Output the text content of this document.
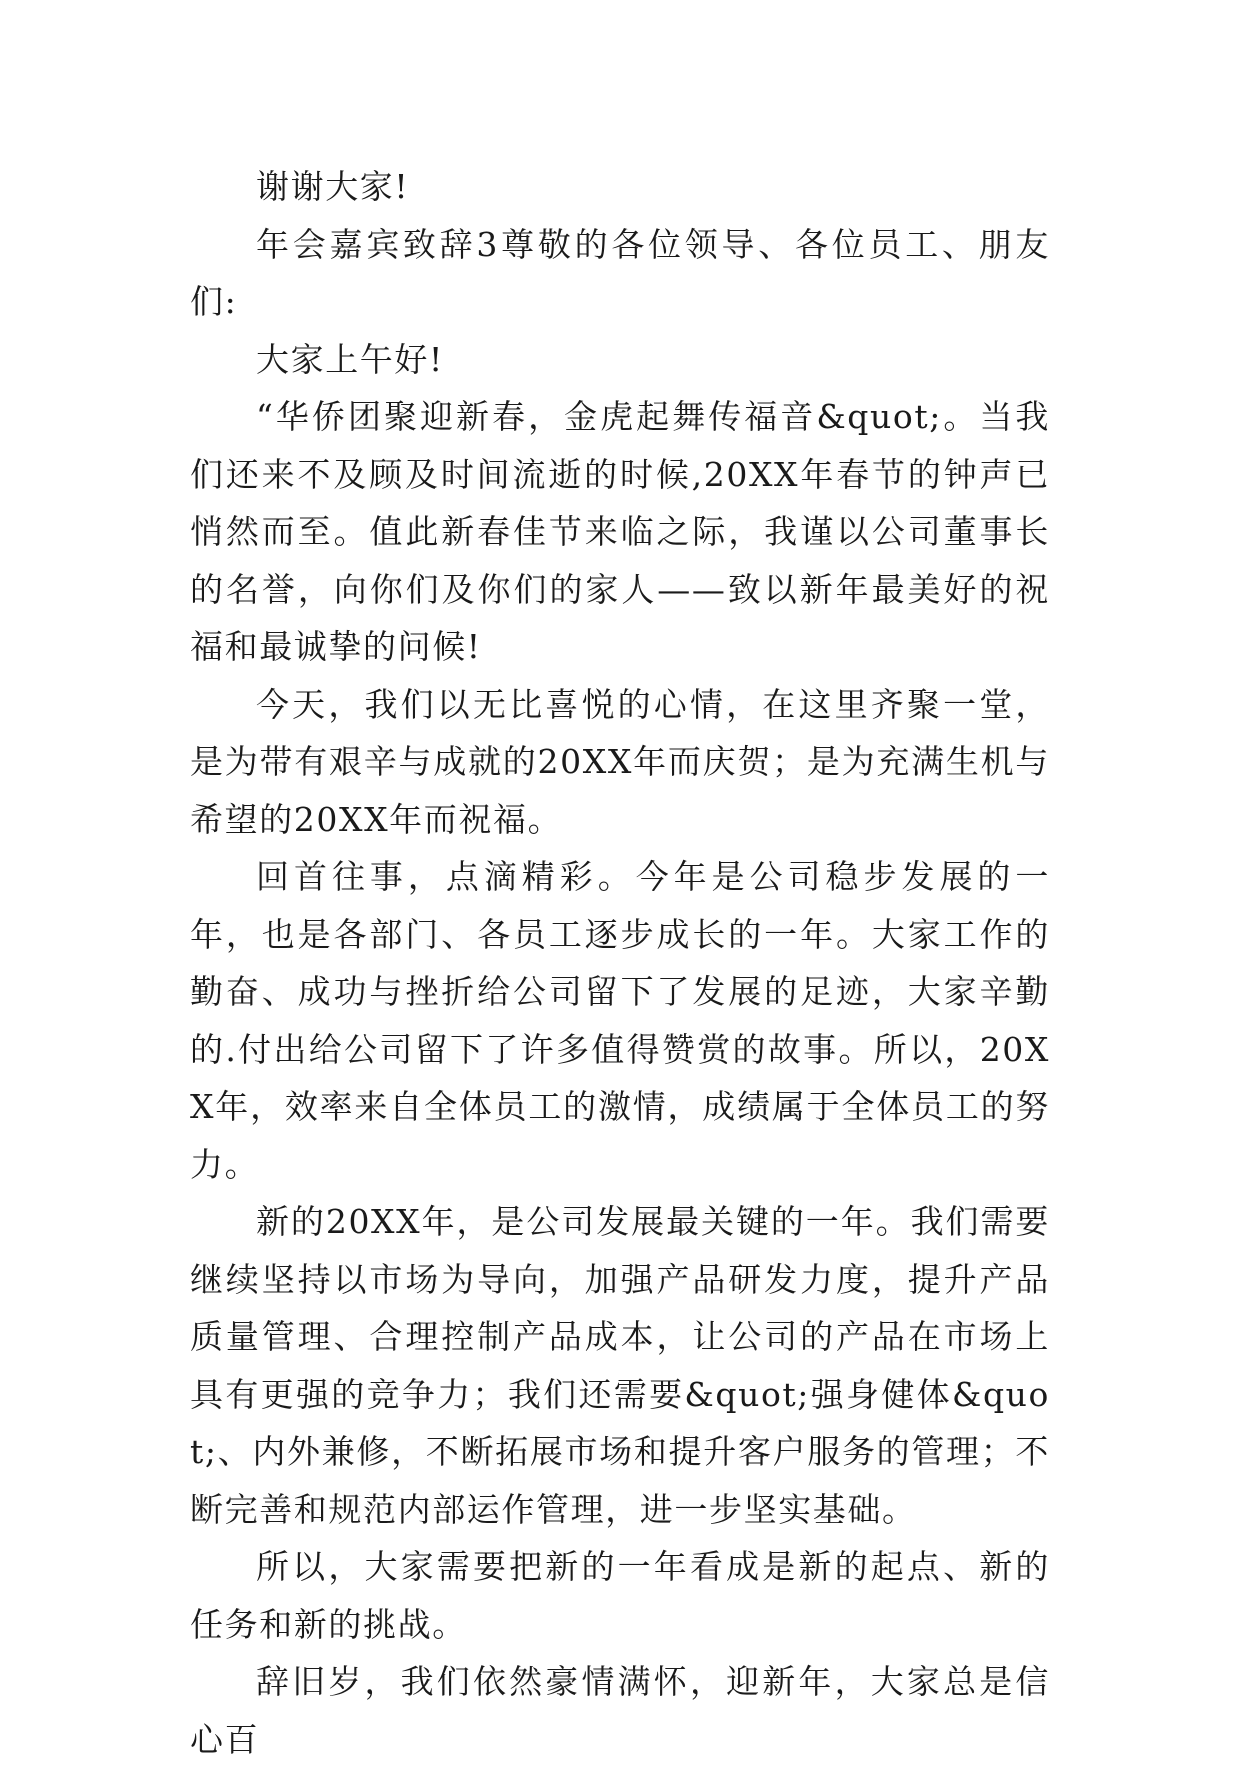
谢谢大家!

年会嘉宾致辞3尊敬的各位领导、各位员工、朋友们:

大家上午好!

“华侨团聚迎新春，金虎起舞传福音&quot;。当我们还来不及顾及时间流逝的时候,20XX年春节的钟声已悄然而至。值此新春佳节来临之际，我谨以公司董事长的名誉，向你们及你们的家人——致以新年最美好的祝福和最诚挚的问候!

今天，我们以无比喜悦的心情，在这里齐聚一堂，是为带有艰辛与成就的20XX年而庆贺；是为充满生机与希望的20XX年而祝福。

回首往事，点滴精彩。今年是公司稳步发展的一年，也是各部门、各员工逐步成长的一年。大家工作的勤奋、成功与挫折给公司留下了发展的足迹，大家辛勤的.付出给公司留下了许多值得赞赏的故事。所以，20XX年，效率来自全体员工的激情，成绩属于全体员工的努力。

新的20XX年，是公司发展最关键的一年。我们需要继续坚持以市场为导向，加强产品研发力度，提升产品质量管理、合理控制产品成本，让公司的产品在市场上具有更强的竞争力；我们还需要&quot;强身健体&quot;、内外兼修，不断拓展市场和提升客户服务的管理；不断完善和规范内部运作管理，进一步坚实基础。

所以，大家需要把新的一年看成是新的起点、新的任务和新的挑战。

辞旧岁，我们依然豪情满怀，迎新年，大家总是信心百
